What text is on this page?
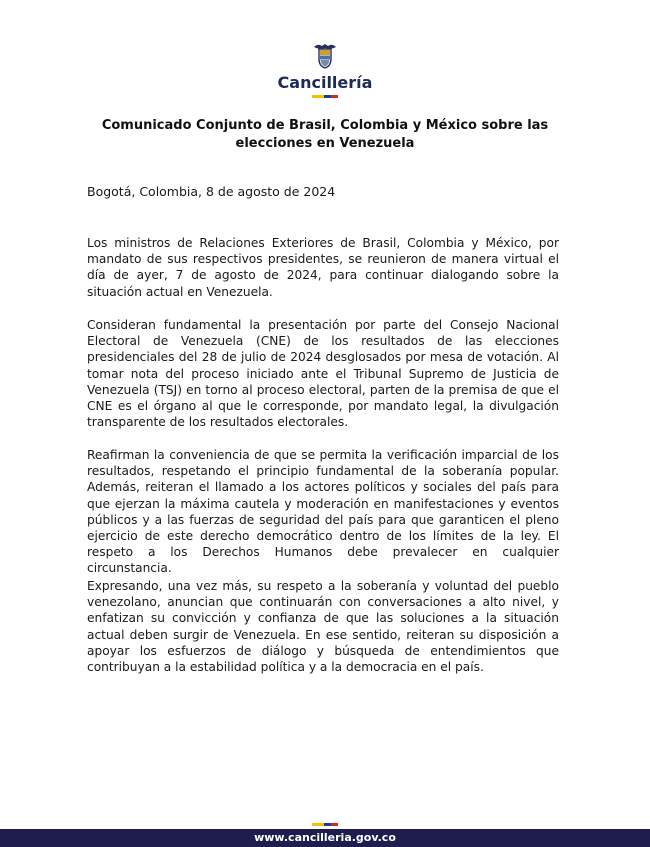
Cancillería
Comunicado Conjunto de Brasil, Colombia y México sobre las elecciones en Venezuela
Bogotá, Colombia, 8 de agosto de 2024

Los ministros de Relaciones Exteriores de Brasil, Colombia y México, por mandato de sus respectivos presidentes, se reunieron de manera virtual el día de ayer, 7 de agosto de 2024, para continuar dialogando sobre la situación actual en Venezuela.

Consideran fundamental la presentación por parte del Consejo Nacional Electoral de Venezuela (CNE) de los resultados de las elecciones presidenciales del 28 de julio de 2024 desglosados por mesa de votación. Al tomar nota del proceso iniciado ante el Tribunal Supremo de Justicia de Venezuela (TSJ) en torno al proceso electoral, parten de la premisa de que el CNE es el órgano al que le corresponde, por mandato legal, la divulgación transparente de los resultados electorales.

Reafirman la conveniencia de que se permita la verificación imparcial de los resultados, respetando el principio fundamental de la soberanía popular. Además, reiteran el llamado a los actores políticos y sociales del país para que ejerzan la máxima cautela y moderación en manifestaciones y eventos públicos y a las fuerzas de seguridad del país para que garanticen el pleno ejercicio de este derecho democrático dentro de los límites de la ley. El respeto a los Derechos Humanos debe prevalecer en cualquier circunstancia.

Expresando, una vez más, su respeto a la soberanía y voluntad del pueblo venezolano, anuncian que continuarán con conversaciones a alto nivel, y enfatizan su convicción y confianza de que las soluciones a la situación actual deben surgir de Venezuela. En ese sentido, reiteran su disposición a apoyar los esfuerzos de diálogo y búsqueda de entendimientos que contribuyan a la estabilidad política y a la democracia en el país.

www.cancilleria.gov.co
